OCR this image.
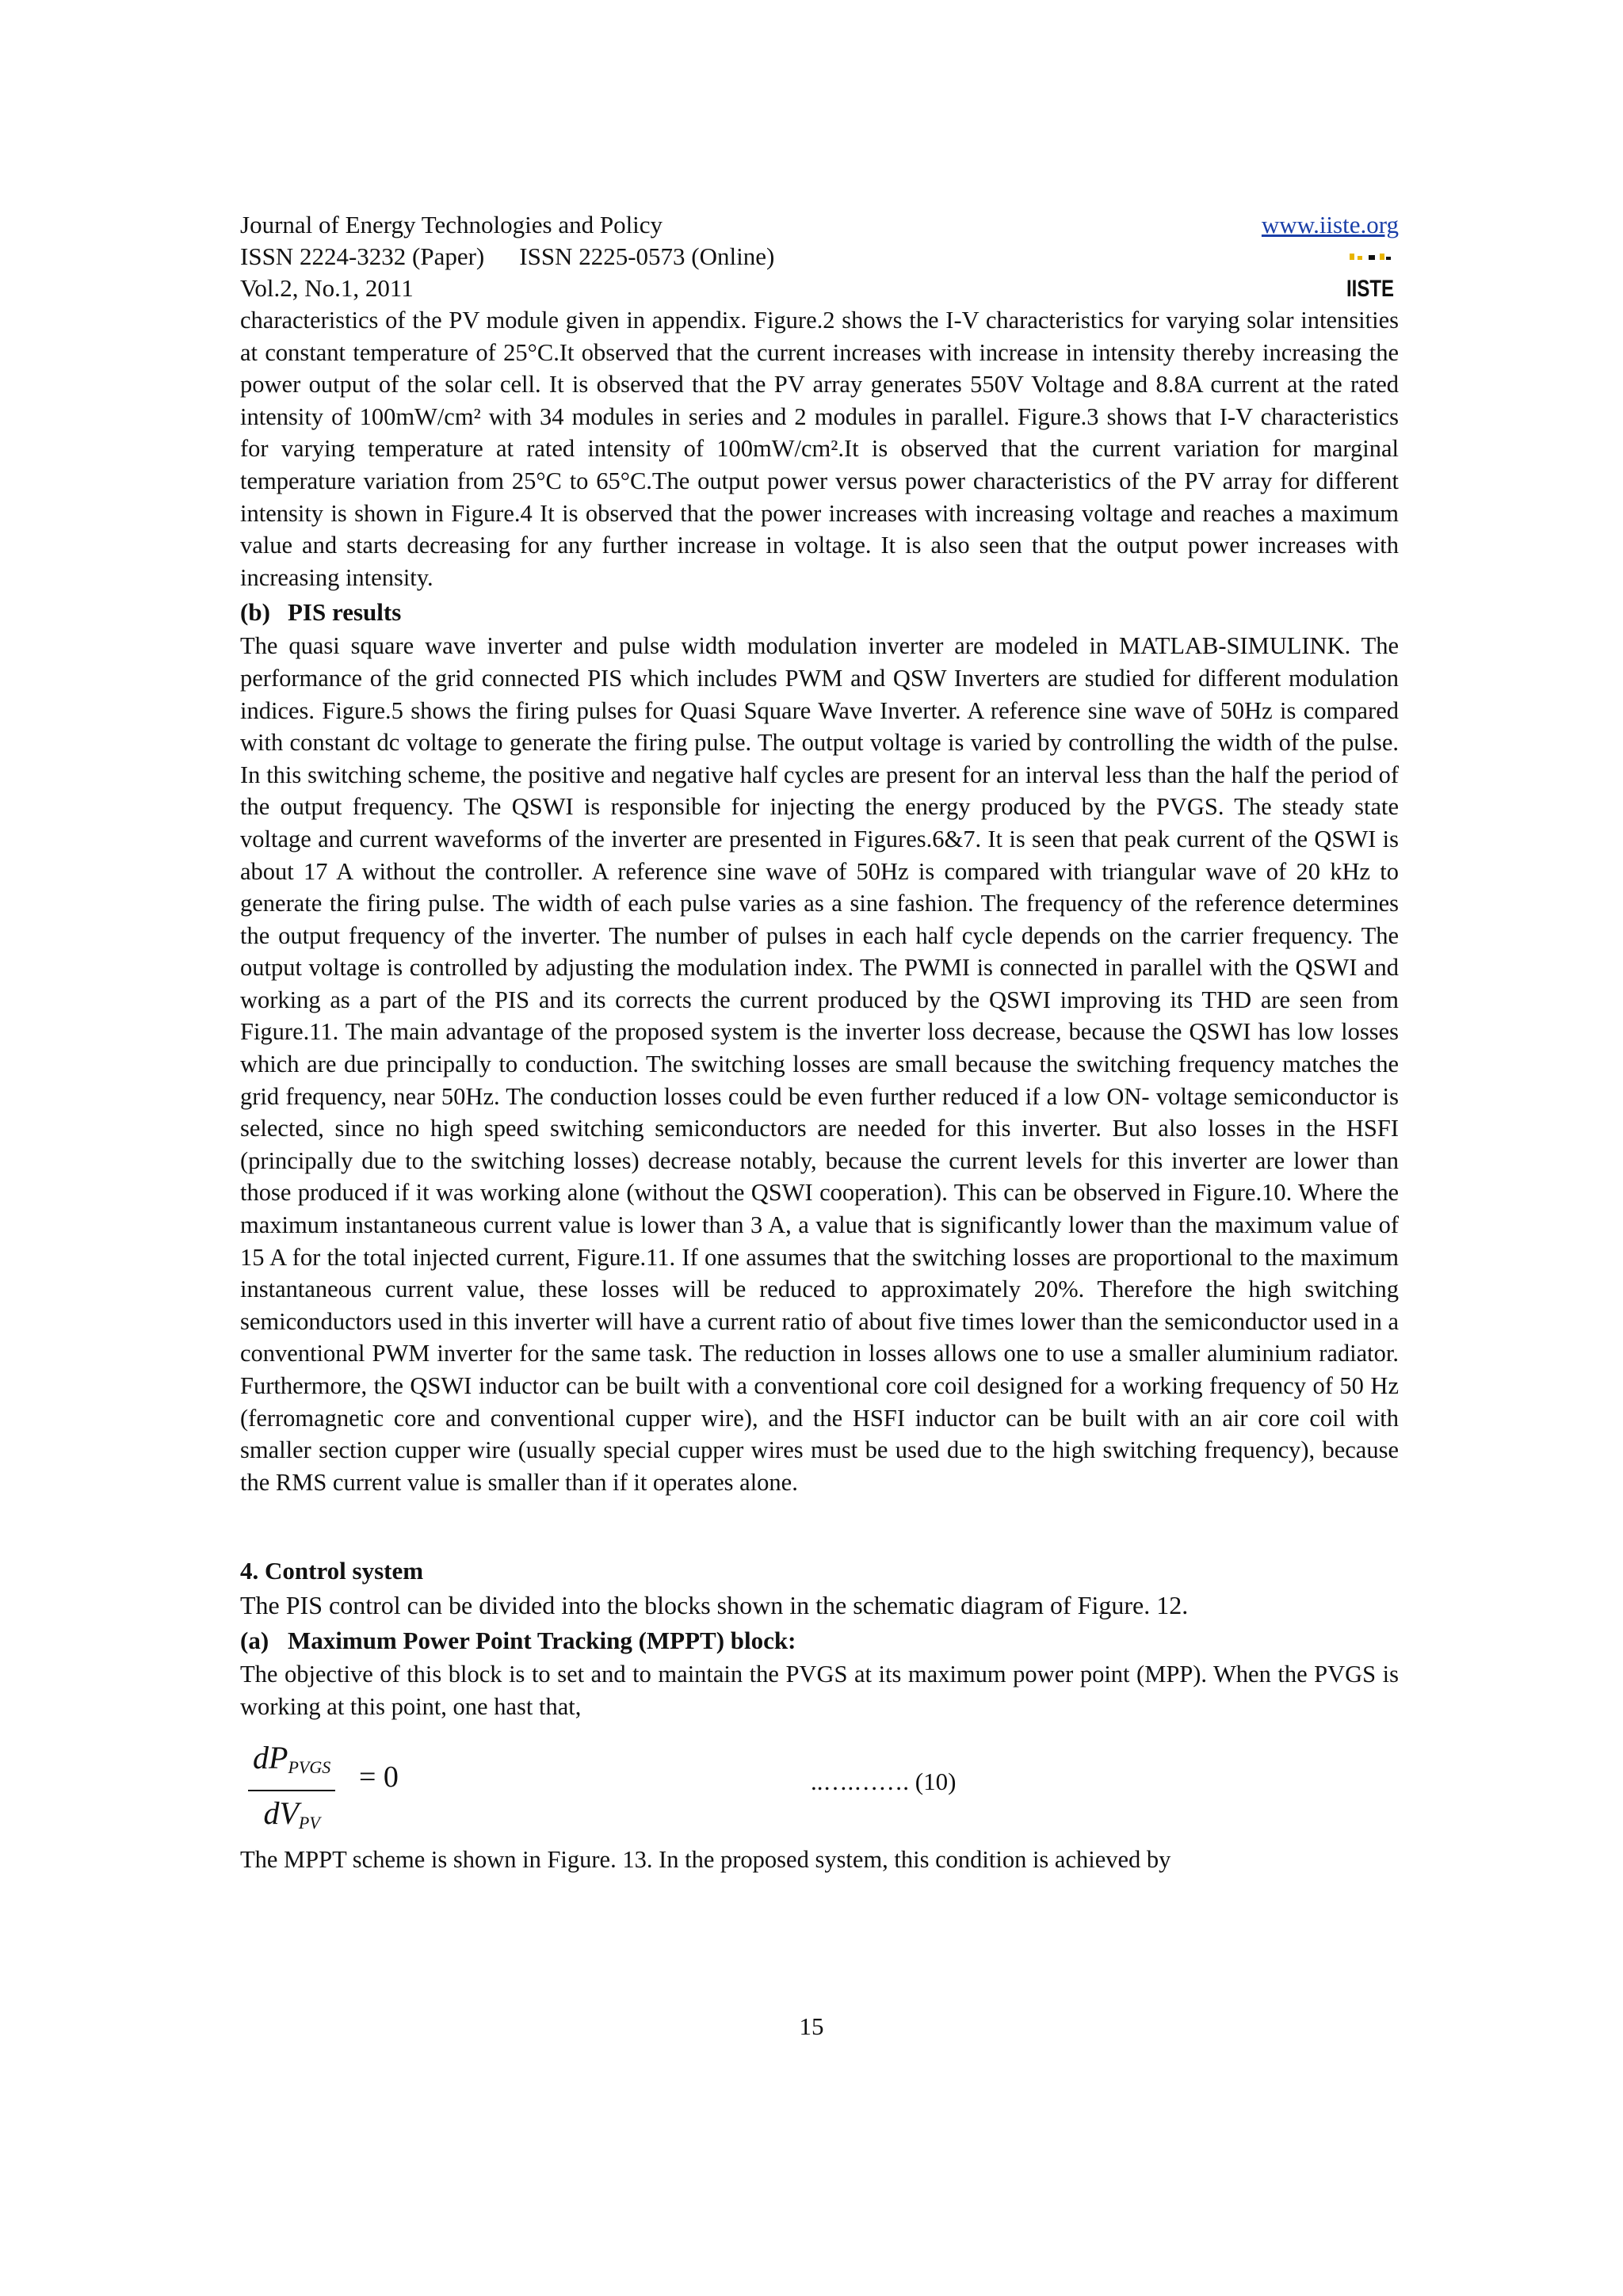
Journal of Energy Technologies and Policy	www.iiste.org
ISSN 2224-3232 (Paper) ISSN 2225-0573 (Online)
Vol.2, No.1, 2011	IISTE

characteristics of the PV module given in appendix. Figure.2 shows the I-V characteristics for varying solar intensities at constant temperature of 25°C.It observed that the current increases with increase in intensity thereby increasing the power output of the solar cell. It is observed that the PV array generates 550V Voltage and 8.8A current at the rated intensity of 100mW/cm² with 34 modules in series and 2 modules in parallel. Figure.3 shows that I-V characteristics for varying temperature at rated intensity of 100mW/cm².It is observed that the current variation for marginal temperature variation from 25°C to 65°C.The output power versus power characteristics of the PV array for different intensity is shown in Figure.4 It is observed that the power increases with increasing voltage and reaches a maximum value and starts decreasing for any further increase in voltage. It is also seen that the output power increases with increasing intensity.

(b) PIS results

The quasi square wave inverter and pulse width modulation inverter are modeled in MATLAB-SIMULINK. The performance of the grid connected PIS which includes PWM and QSW Inverters are studied for different modulation indices. Figure.5 shows the firing pulses for Quasi Square Wave Inverter. A reference sine wave of 50Hz is compared with constant dc voltage to generate the firing pulse. The output voltage is varied by controlling the width of the pulse. In this switching scheme, the positive and negative half cycles are present for an interval less than the half the period of the output frequency. The QSWI is responsible for injecting the energy produced by the PVGS. The steady state voltage and current waveforms of the inverter are presented in Figures.6&7. It is seen that peak current of the QSWI is about 17 A without the controller. A reference sine wave of 50Hz is compared with triangular wave of 20 kHz to generate the firing pulse. The width of each pulse varies as a sine fashion. The frequency of the reference determines the output frequency of the inverter. The number of pulses in each half cycle depends on the carrier frequency. The output voltage is controlled by adjusting the modulation index. The PWMI is connected in parallel with the QSWI and working as a part of the PIS and its corrects the current produced by the QSWI improving its THD are seen from Figure.11. The main advantage of the proposed system is the inverter loss decrease, because the QSWI has low losses which are due principally to conduction. The switching losses are small because the switching frequency matches the grid frequency, near 50Hz. The conduction losses could be even further reduced if a low ON- voltage semiconductor is selected, since no high speed switching semiconductors are needed for this inverter. But also losses in the HSFI (principally due to the switching losses) decrease notably, because the current levels for this inverter are lower than those produced if it was working alone (without the QSWI cooperation). This can be observed in Figure.10. Where the maximum instantaneous current value is lower than 3 A, a value that is significantly lower than the maximum value of 15 A for the total injected current, Figure.11. If one assumes that the switching losses are proportional to the maximum instantaneous current value, these losses will be reduced to approximately 20%. Therefore the high switching semiconductors used in this inverter will have a current ratio of about five times lower than the semiconductor used in a conventional PWM inverter for the same task. The reduction in losses allows one to use a smaller aluminium radiator. Furthermore, the QSWI inductor can be built with a conventional core coil designed for a working frequency of 50 Hz (ferromagnetic core and conventional cupper wire), and the HSFI inductor can be built with an air core coil with smaller section cupper wire (usually special cupper wires must be used due to the high switching frequency), because the RMS current value is smaller than if it operates alone.

4. Control system

The PIS control can be divided into the blocks shown in the schematic diagram of Figure. 12.

(a) Maximum Power Point Tracking (MPPT) block:

The objective of this block is to set and to maintain the PVGS at its maximum power point (MPP). When the PVGS is working at this point, one hast that,

$dP_{PVGS}$
$dV_{PV}$
= 0	..….……. (10)

The MPPT scheme is shown in Figure. 13. In the proposed system, this condition is achieved by

15
